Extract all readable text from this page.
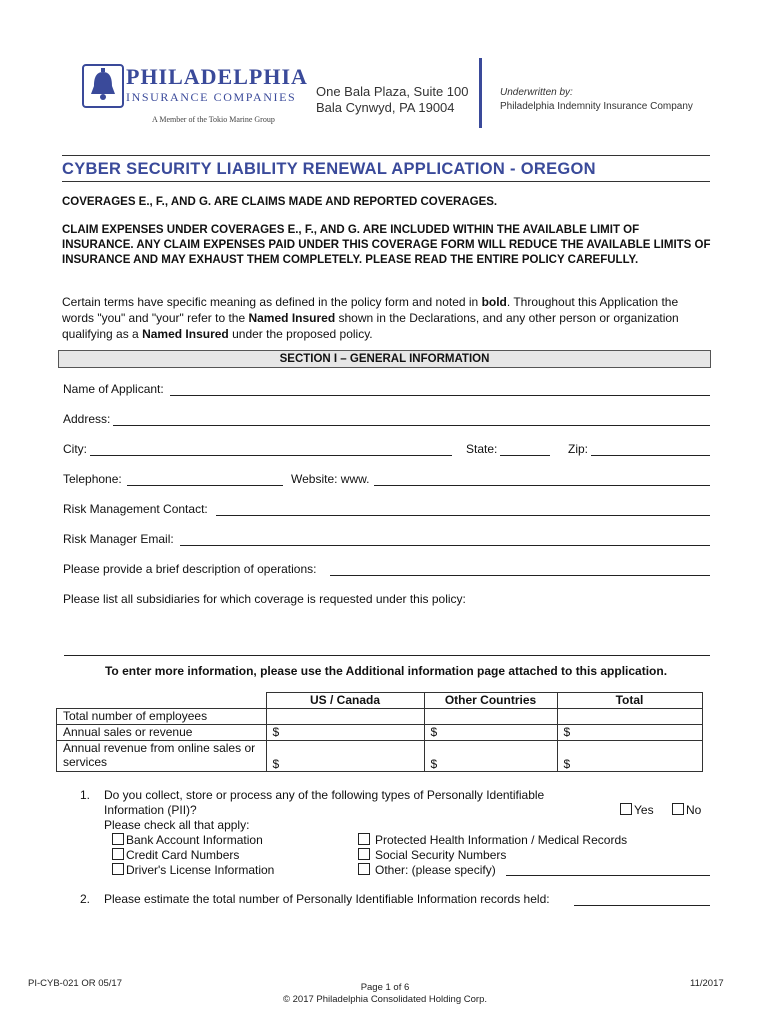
PHILADELPHIA
INSURANCE COMPANIES
A Member of the Tokio Marine Group
One Bala Plaza, Suite 100
Bala Cynwyd, PA 19004
Underwritten by:
Philadelphia Indemnity Insurance Company
CYBER SECURITY LIABILITY RENEWAL APPLICATION - OREGON
COVERAGES E., F., AND G. ARE CLAIMS MADE AND REPORTED COVERAGES.
CLAIM EXPENSES UNDER COVERAGES E., F., AND G. ARE INCLUDED WITHIN THE AVAILABLE LIMIT OF INSURANCE. ANY CLAIM EXPENSES PAID UNDER THIS COVERAGE FORM WILL REDUCE THE AVAILABLE LIMITS OF INSURANCE AND MAY EXHAUST THEM COMPLETELY. PLEASE READ THE ENTIRE POLICY CAREFULLY.
Certain terms have specific meaning as defined in the policy form and noted in bold. Throughout this Application the words "you" and "your" refer to the Named Insured shown in the Declarations, and any other person or organization qualifying as a Named Insured under the proposed policy.
SECTION I – GENERAL INFORMATION
Name of Applicant:
Address:
City:	State:	Zip:
Telephone:	Website: www.
Risk Management Contact:
Risk Manager Email:
Please provide a brief description of operations:
Please list all subsidiaries for which coverage is requested under this policy:
To enter more information, please use the Additional information page attached to this application.
	US / Canada	Other Countries	Total
Total number of employees			
Annual sales or revenue	$	$	$
Annual revenue from online sales or services	$	$	$
1. Do you collect, store or process any of the following types of Personally Identifiable
Information (PII)?
Please check all that apply:
Yes	No
Bank Account Information
Credit Card Numbers
Driver's License Information
Protected Health Information / Medical Records
Social Security Numbers
Other: (please specify)
2. Please estimate the total number of Personally Identifiable Information records held:
PI-CYB-021 OR 05/17	Page 1 of 6
© 2017 Philadelphia Consolidated Holding Corp.
11/2017
